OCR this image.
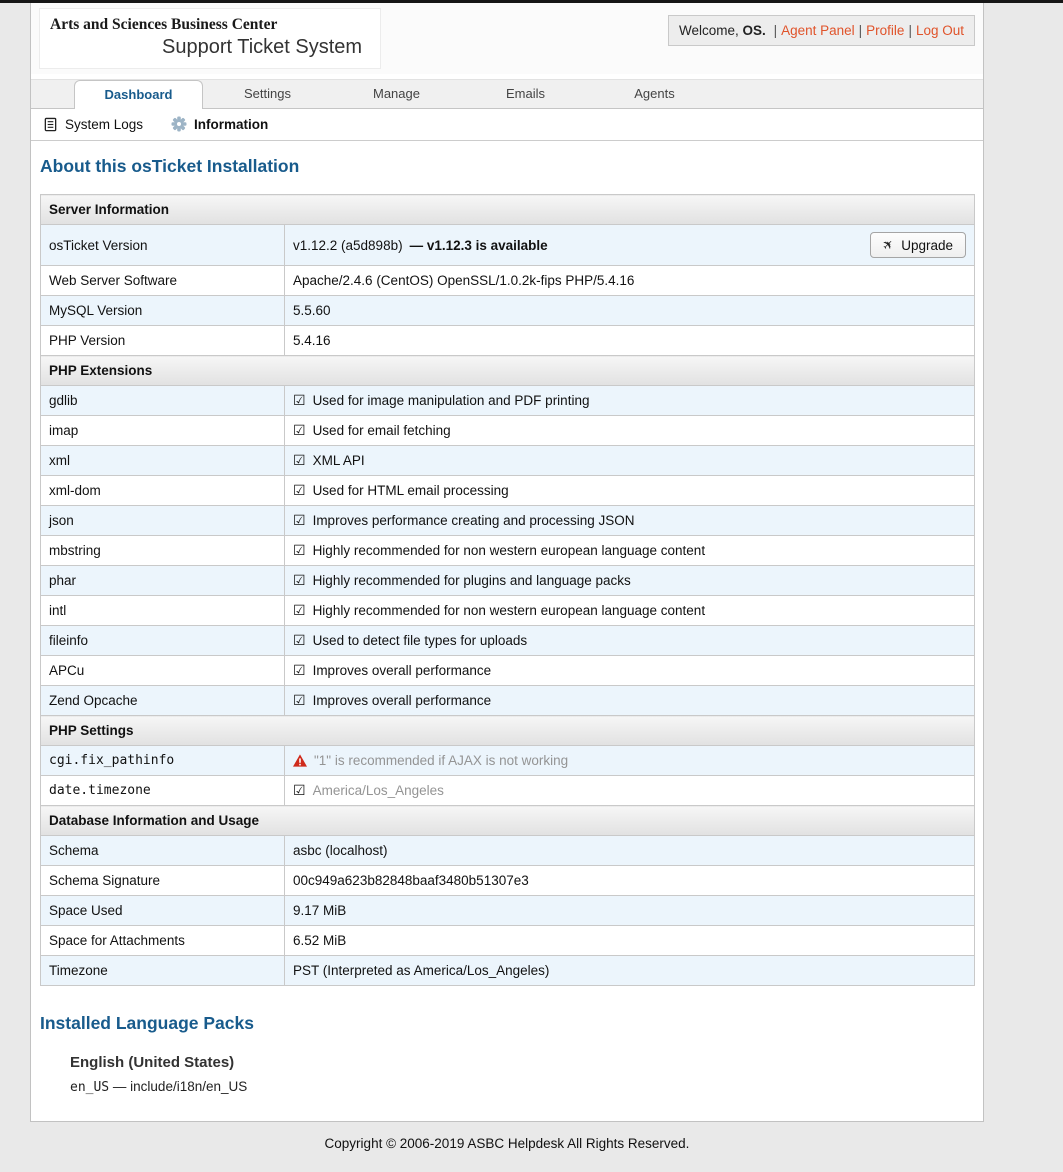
Arts and Sciences Business Center
Support Ticket System
Welcome, OS. | Agent Panel | Profile | Log Out
Dashboard	Settings	Manage	Emails	Agents
System Logs	Information
About this osTicket Installation
Server Information	
osTicket Version	v1.12.2 (a5d898b) — v1.12.3 is available ✈ Upgrade

Web Server Software	Apache/2.4.6 (CentOS) OpenSSL/1.0.2k-fips PHP/5.4.16

MySQL Version	5.5.60

PHP Version	5.4.16

PHP Extensions	
gdlib	☑ Used for image manipulation and PDF printing

imap	☑ Used for email fetching

xml	☑ XML API

xml-dom	☑ Used for HTML email processing

json	☑ Improves performance creating and processing JSON

mbstring	☑ Highly recommended for non western european language content

phar	☑ Highly recommended for plugins and language packs

intl	☑ Highly recommended for non western european language content

fileinfo	☑ Used to detect file types for uploads

APCu	☑ Improves overall performance

Zend Opcache	☑ Improves overall performance

PHP Settings	
cgi.fix_pathinfo	"1" is recommended if AJAX is not working

date.timezone	☑ America/Los_Angeles

Database Information and Usage	
Schema	asbc (localhost)

Schema Signature	00c949a623b82848baaf3480b51307e3

Space Used	9.17 MiB

Space for Attachments	6.52 MiB

Timezone	PST (Interpreted as America/Los_Angeles)
Installed Language Packs
English (United States)
en_US — include/i18n/en_US
Copyright © 2006-2019 ASBC Helpdesk All Rights Reserved.
